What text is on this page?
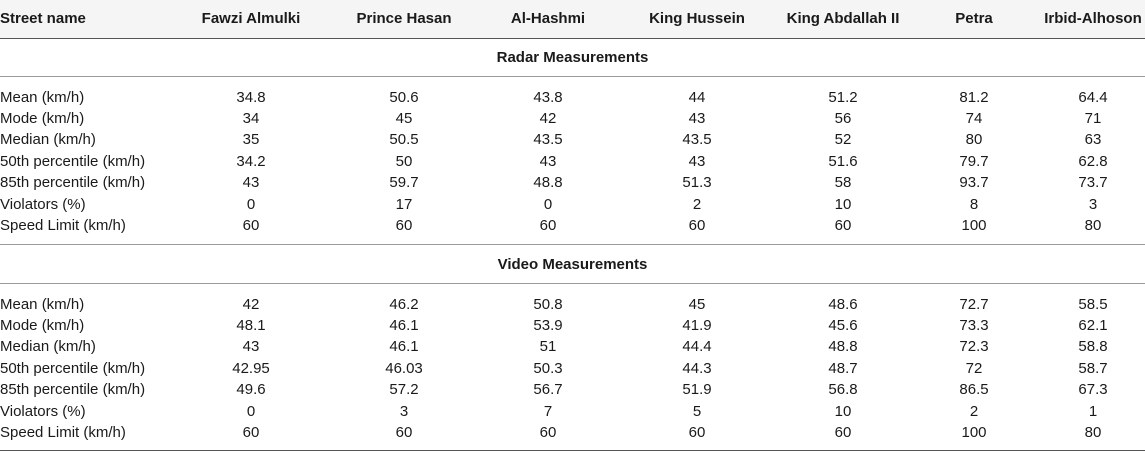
Street name	Fawzi Almulki	Prince Hasan	Al-Hashmi	King Hussein	King Abdallah II	Petra	Irbid-Alhoson
Radar Measurements
Mean (km/h)	34.8	50.6	43.8	44	51.2	81.2	64.4
Mode (km/h)	34	45	42	43	56	74	71
Median (km/h)	35	50.5	43.5	43.5	52	80	63
50th percentile (km/h)	34.2	50	43	43	51.6	79.7	62.8
85th percentile (km/h)	43	59.7	48.8	51.3	58	93.7	73.7
Violators (%)	0	17	0	2	10	8	3
Speed Limit (km/h)	60	60	60	60	60	100	80
Video Measurements
Mean (km/h)	42	46.2	50.8	45	48.6	72.7	58.5
Mode (km/h)	48.1	46.1	53.9	41.9	45.6	73.3	62.1
Median (km/h)	43	46.1	51	44.4	48.8	72.3	58.8
50th percentile (km/h)	42.95	46.03	50.3	44.3	48.7	72	58.7
85th percentile (km/h)	49.6	57.2	56.7	51.9	56.8	86.5	67.3
Violators (%)	0	3	7	5	10	2	1
Speed Limit (km/h)	60	60	60	60	60	100	80
